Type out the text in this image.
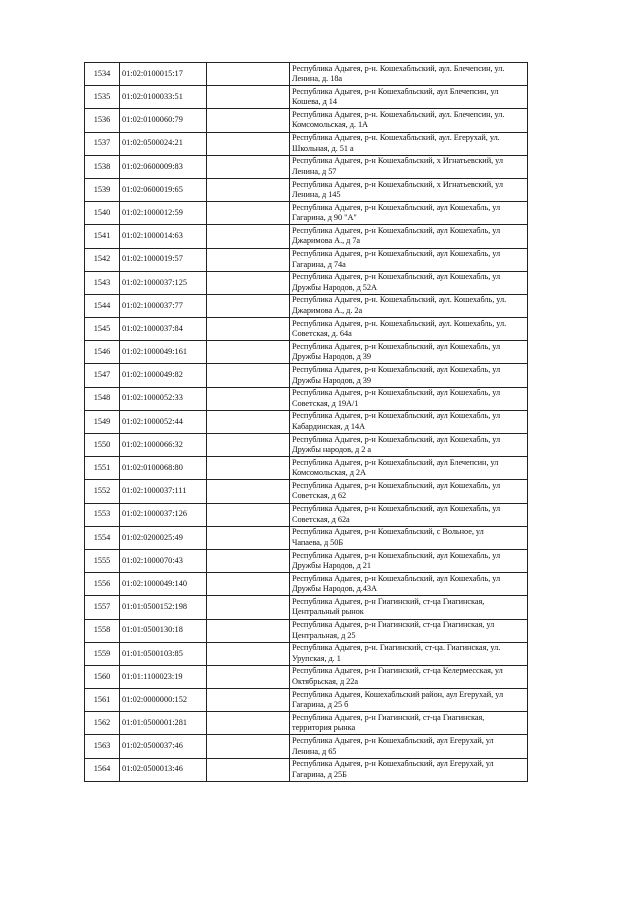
1534	01:02:0100015:17		Республика Адыгея, р-н. Кошехабльский, аул. Блечепсин, ул.
Ленина, д. 18а

1535	01:02:0100033:51		Республика Адыгея, р-н Кошехабльский, аул Блечепсин, ул
Кошева, д 14

1536	01:02:0100060:79		Республика Адыгея, р-н. Кошехабльский, аул. Блечепсин, ул.
Комсомольская, д. 1А

1537	01:02:0500024:21		Республика Адыгея, р-н. Кошехабльский, аул. Егерухай, ул.
Школьная, д. 51 а

1538	01:02:0600009:83		Республика Адыгея, р-н Кошехабльский, х Игнатьевский, ул
Ленина, д 57

1539	01:02:0600019:65		Республика Адыгея, р-н Кошехабльский, х Игнатьевский, ул
Ленина, д 145

1540	01:02:1000012:59		Республика Адыгея, р-н Кошехабльский, аул Кошехабль, ул
Гагарина, д 90 "А"

1541	01:02:1000014:63		Республика Адыгея, р-н Кошехабльский, аул Кошехабль, ул
Джаримова А., д 7а

1542	01:02:1000019:57		Республика Адыгея, р-н Кошехабльский, аул Кошехабль, ул
Гагарина, д 74а

1543	01:02:1000037:125		Республика Адыгея, р-н Кошехабльский, аул Кошехабль, ул
Дружбы Народов, д 52А

1544	01:02:1000037:77		Республика Адыгея, р-н. Кошехабльский, аул. Кошехабль, ул.
Джаримова А., д. 2а

1545	01:02:1000037:84		Республика Адыгея, р-н. Кошехабльский, аул. Кошехабль, ул.
Советская, д. 64а

1546	01:02:1000049:161		Республика Адыгея, р-н Кошехабльский, аул Кошехабль, ул
Дружбы Народов, д 39

1547	01:02:1000049:82		Республика Адыгея, р-н Кошехабльский, аул Кошехабль, ул
Дружбы Народов, д 39

1548	01:02:1000052:33		Республика Адыгея, р-н Кошехабльский, аул Кошехабль, ул
Советская, д 19А/1

1549	01:02:1000052:44		Республика Адыгея, р-н Кошехабльский, аул Кошехабль, ул
Кабардинская, д 14А

1550	01:02:1000066:32		Республика Адыгея, р-н Кошехабльский, аул Кошехабль, ул
Дружбы народов, д 2 а

1551	01:02:0100068:80		Республика Адыгея, р-н Кошехабльский, аул Блечепсин, ул
Комсомольская, д 2А

1552	01:02:1000037:111		Республика Адыгея, р-н Кошехабльский, аул Кошехабль, ул
Советская, д 62

1553	01:02:1000037:126		Республика Адыгея, р-н Кошехабльский, аул Кошехабль, ул
Советская, д 62а

1554	01:02:0200025:49		Республика Адыгея, р-н Кошехабльский, с Вольное, ул
Чапаева, д 50Б

1555	01:02:1000070:43		Республика Адыгея, р-н Кошехабльский, аул Кошехабль, ул
Дружбы Народов, д 21

1556	01:02:1000049:140		Республика Адыгея, р-н Кошехабльский, аул Кошехабль, ул
Дружбы Народов, д.43А

1557	01:01:0500152:198		Республика Адыгея, р-н Гиагинский, ст-ца Гиагинская,
Центральный рынок

1558	01:01:0500130:18		Республика Адыгея, р-н Гиагинский, ст-ца Гиагинская, ул
Центральная, д 25

1559	01:01:0500103:85		Республика Адыгея, р-н. Гиагинский, ст-ца. Гиагинская, ул.
Урупская, д. 1

1560	01:01:1100023:19		Республика Адыгея, р-н Гиагинский, ст-ца Келермесская, ул
Октябрьская, д 22а

1561	01:02:0000000:152		Республика Адыгея, Кошехабльский район, аул Егерухай, ул
Гагарина, д 25 б

1562	01:01:0500001:281		Республика Адыгея, р-н Гиагинский, ст-ца Гиагинская,
территория рынка

1563	01:02:0500037:46		Республика Адыгея, р-н Кошехабльский, аул Егерухай, ул
Ленина, д 65

1564	01:02:0500013:46		Республика Адыгея, р-н Кошехабльский, аул Егерухай, ул
Гагарина, д 25Б
